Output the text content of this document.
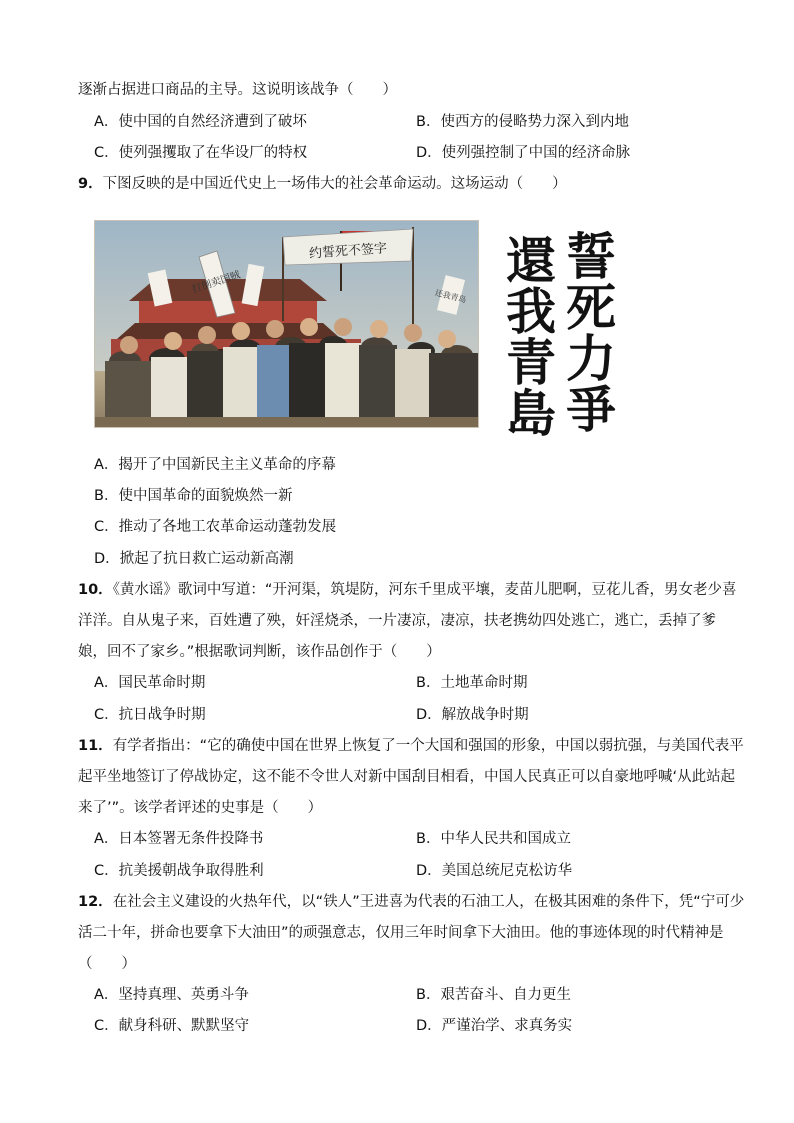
逐渐占据进口商品的主导。这说明该战争（　　）
A．使中国的自然经济遭到了破坏	B．使西方的侵略势力深入到内地
C．使列强攫取了在华设厂的特权	D．使列强控制了中国的经济命脉
9．下图反映的是中国近代史上一场伟大的社会革命运动。这场运动（　　）
约誓死不签字
打倒卖国贼
还我青岛
誓
死
力
爭
還
我
青
島
A．揭开了中国新民主主义革命的序幕
B．使中国革命的面貌焕然一新
C．推动了各地工农革命运动蓬勃发展
D．掀起了抗日救亡运动新高潮
10．《黄水谣》歌词中写道：“开河渠，筑堤防，河东千里成平壤，麦苗儿肥啊，豆花儿香，男女老少喜
洋洋。自从鬼子来，百姓遭了殃，奸淫烧杀，一片凄凉，凄凉，扶老携幼四处逃亡，逃亡，丢掉了爹
娘，回不了家乡。”根据歌词判断，该作品创作于（　　）
A．国民革命时期	B．土地革命时期
C．抗日战争时期	D．解放战争时期
11．有学者指出：“它的确使中国在世界上恢复了一个大国和强国的形象，中国以弱抗强，与美国代表平
起平坐地签订了停战协定，这不能不令世人对新中国刮目相看，中国人民真正可以自豪地呼喊‘从此站起
来了’”。该学者评述的史事是（　　）
A．日本签署无条件投降书	B．中华人民共和国成立
C．抗美援朝战争取得胜利	D．美国总统尼克松访华
12．在社会主义建设的火热年代，以“铁人”王进喜为代表的石油工人，在极其困难的条件下，凭“宁可少
活二十年，拼命也要拿下大油田”的顽强意志，仅用三年时间拿下大油田。他的事迹体现的时代精神是
（　　）
A．坚持真理、英勇斗争	B．艰苦奋斗、自力更生
C．献身科研、默默坚守	D．严谨治学、求真务实
